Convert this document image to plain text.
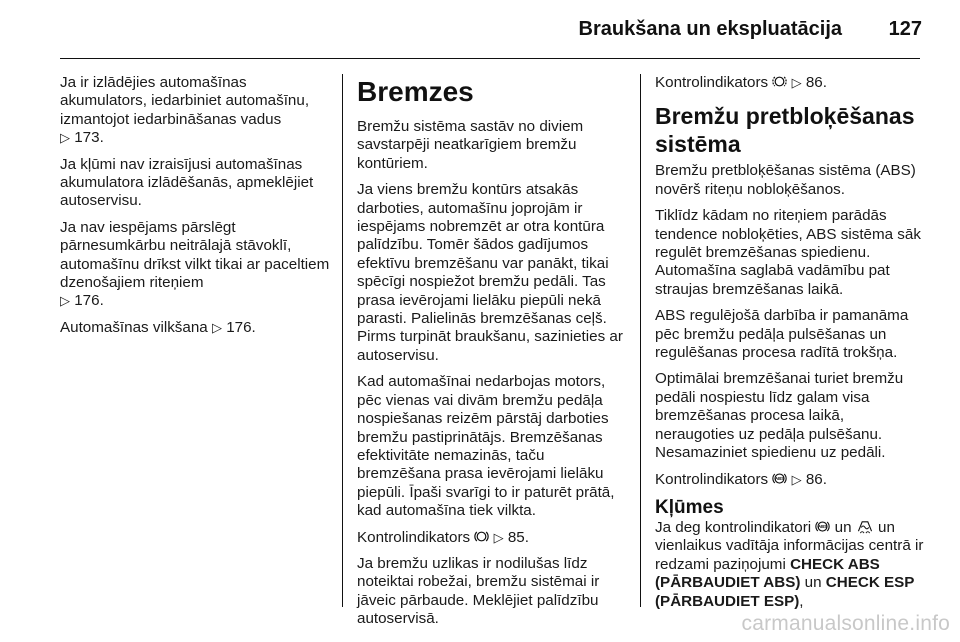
Braukšana un ekspluatācija 127

Ja ir izlādējies automašīnas akumulators, iedarbiniet automašīnu, izmantojot iedarbināšanas vadus
▷ 173.

Ja kļūmi nav izraisījusi automašīnas akumulatora izlādēšanās, apmeklējiet autoservisu.

Ja nav iespējams pārslēgt pārnesumkārbu neitrālajā stāvoklī, automašīnu drīkst vilkt tikai ar paceltiem dzenošajiem riteņiem
▷ 176.

Automašīnas vilkšana ▷ 176.

Bremzes

Bremžu sistēma sastāv no diviem savstarpēji neatkarīgiem bremžu kontūriem.

Ja viens bremžu kontūrs atsakās darboties, automašīnu joprojām ir iespējams nobremzēt ar otra kontūra palīdzību. Tomēr šādos gadījumos efektīvu bremzēšanu var panākt, tikai spēcīgi nospiežot bremžu pedāli. Tas prasa ievērojami lielāku piepūli nekā parasti. Palielinās bremzēšanas ceļš. Pirms turpināt braukšanu, sazinieties ar autoservisu.

Kad automašīnai nedarbojas motors, pēc vienas vai divām bremžu pedāļa nospiešanas reizēm pārstāj darboties bremžu pastiprinātājs. Bremzēšanas efektivitāte nemazinās, taču bremzēšana prasa ievērojami lielāku piepūli. Īpaši svarīgi to ir paturēt prātā, kad automašīna tiek vilkta.

Kontrolindikators ▷ 85.

Ja bremžu uzlikas ir nodilušas līdz noteiktai robežai, bremžu sistēmai ir jāveic pārbaude. Meklējiet palīdzību autoservisā.

Kontrolindikators ▷ 86.

Bremžu pretbloķēšanas sistēma

Bremžu pretbloķēšanas sistēma (ABS) novērš riteņu nobloķēšanos.

Tiklīdz kādam no riteņiem parādās tendence nobloķēties, ABS sistēma sāk regulēt bremzēšanas spiedienu. Automašīna saglabā vadāmību pat straujas bremzēšanas laikā.

ABS regulējošā darbība ir pamanāma pēc bremžu pedāļa pulsēšanas un regulēšanas procesa radītā trokšņa.

Optimālai bremzēšanai turiet bremžu pedāli nospiestu līdz galam visa bremzēšanas procesa laikā, neraugoties uz pedāļa pulsēšanu. Nesamaziniet spiedienu uz pedāli.

Kontrolindikators ABS ▷ 86.

Kļūmes

Ja deg kontrolindikatori ABS un un vienlaikus vadītāja informācijas centrā ir redzami paziņojumi CHECK ABS (PĀRBAUDIET ABS) un CHECK ESP (PĀRBAUDIET ESP),

carmanualsonline.info
